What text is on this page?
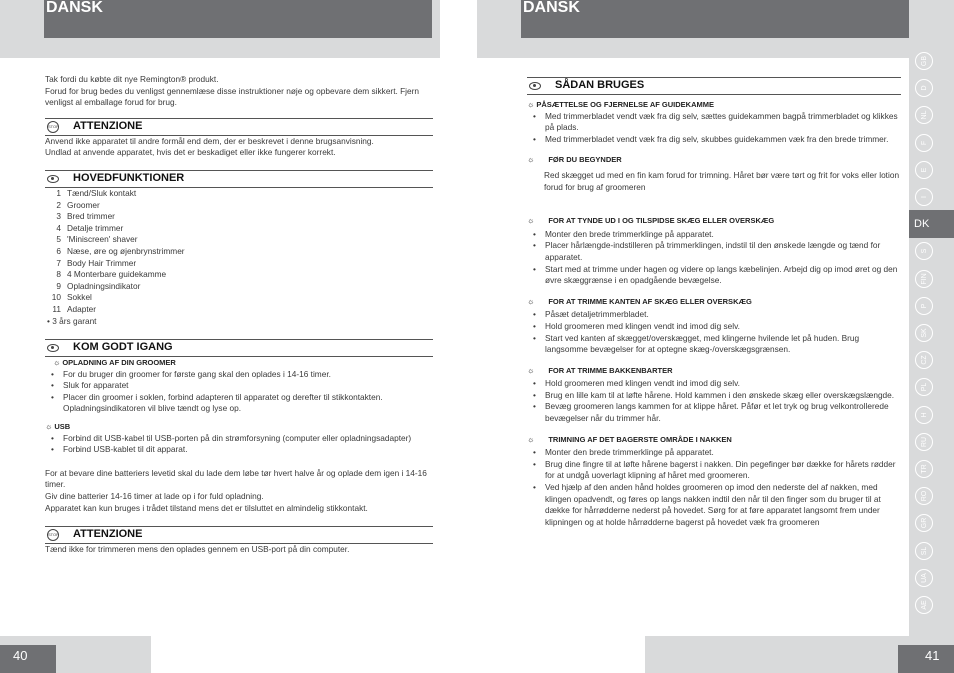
DANSK	DANSK
40	41

Tak fordi du købte dit nye Remington® produkt.

Forud for brug bedes du venligst gennemlæse disse instruktioner nøje og opbevare dem sikkert. Fjern venligst al emballage forud for brug.

STOP ATTENZIONE

Anvend ikke apparatet til andre formål end dem, der er beskrevet i denne brugsanvisning.

Undlad at anvende apparatet, hvis det er beskadiget eller ikke fungerer korrekt.

HOVEDFUNKTIONER
1 Tænd/Sluk kontakt
2 Groomer
3 Bred trimmer
4 Detalje trimmer
5 'Miniscreen' shaver
6 Næse, øre og øjenbrynstrimmer
7 Body Hair Trimmer
8 4 Monterbare guidekamme
9 Opladningsindikator
10 Sokkel
11 Adapter

• 3 års garant

KOM GODT IGANG
☼ OPLADNING AF DIN GROOMER
• For du bruger din groomer for første gang skal den oplades i 14-16 timer.
• Sluk for apparatet
• Placer din groomer i soklen, forbind adapteren til apparatet og derefter til stikkontakten. Opladningsindikatoren vil blive tændt og lyse op.
☼ USB
• Forbind dit USB-kabel til USB-porten på din strømforsyning (computer eller opladningsadapter)
• Forbind USB-kablet til dit apparat.

For at bevare dine batteriers levetid skal du lade dem løbe tør hvert halve år og oplade dem igen i 14-16 timer.

Giv dine batterier 14-16 timer at lade op i for fuld opladning.

Apparatet kan kun bruges i trådet tilstand mens det er tilsluttet en almindelig stikkontakt.

STOP ATTENZIONE

Tænd ikke for trimmeren mens den oplades gennem en USB-port på din computer.

SÅDAN BRUGES
☼ PÅSÆTTELSE OG FJERNELSE AF GUIDEKAMME
• Med trimmerbladet vendt væk fra dig selv, sættes guidekammen bagpå trimmerbladet og klikkes på plads.
• Med trimmerbladet vendt væk fra dig selv, skubbes guidekammen væk fra den brede trimmer.
☼ FØR DU BEGYNDER

Red skægget ud med en fin kam forud for trimning. Håret bør være tørt og frit for voks eller lotion forud for brug af groomeren

☼ FOR AT TYNDE UD I OG TILSPIDSE SKÆG ELLER OVERSKÆG
• Monter den brede trimmerklinge på apparatet.
• Placer hårlængde-indstilleren på trimmerklingen, indstil til den ønskede længde og tænd for apparatet.
• Start med at trimme under hagen og videre op langs kæbelinjen. Arbejd dig op imod øret og den øvre skæggrænse i en opadgående bevægelse.
☼ FOR AT TRIMME KANTEN AF SKÆG ELLER OVERSKÆG
• Påsæt detaljetrimmerbladet.
• Hold groomeren med klingen vendt ind imod dig selv.
• Start ved kanten af skægget/overskægget, med klingerne hvilende let på huden. Brug langsomme bevægelser for at optegne skæg-/overskægsgrænsen.
☼ FOR AT TRIMME BAKKENBARTER
• Hold groomeren med klingen vendt ind imod dig selv.
• Brug en lille kam til at løfte hårene. Hold kammen i den ønskede skæg eller overskægslængde.
• Bevæg groomeren langs kammen for at klippe håret. Påfør et let tryk og brug velkontrollerede bevægelser når du trimmer hår.
☼ TRIMNING AF DET BAGERSTE OMRÅDE I NAKKEN
• Monter den brede trimmerklinge på apparatet.
• Brug dine fingre til at løfte hårene bagerst i nakken. Din pegefinger bør dække for hårets rødder for at undgå uoverlagt klipning af håret med groomeren.
• Ved hjælp af den anden hånd holdes groomeren op imod den nederste del af nakken, med klingen opadvendt, og føres op langs nakken indtil den når til den finger som du bruger til at dække for hårrødderne nederst på hovedet. Sørg for at føre apparatet langsomt frem under klipningen og at holde hårrødderne bagerst på hovedet væk fra groomeren
GB
D
NL
F
E
I
DK
S
FIN
P
SK
CZ
PL
H
RU
TR
RO
GR
SL
UA
AE
